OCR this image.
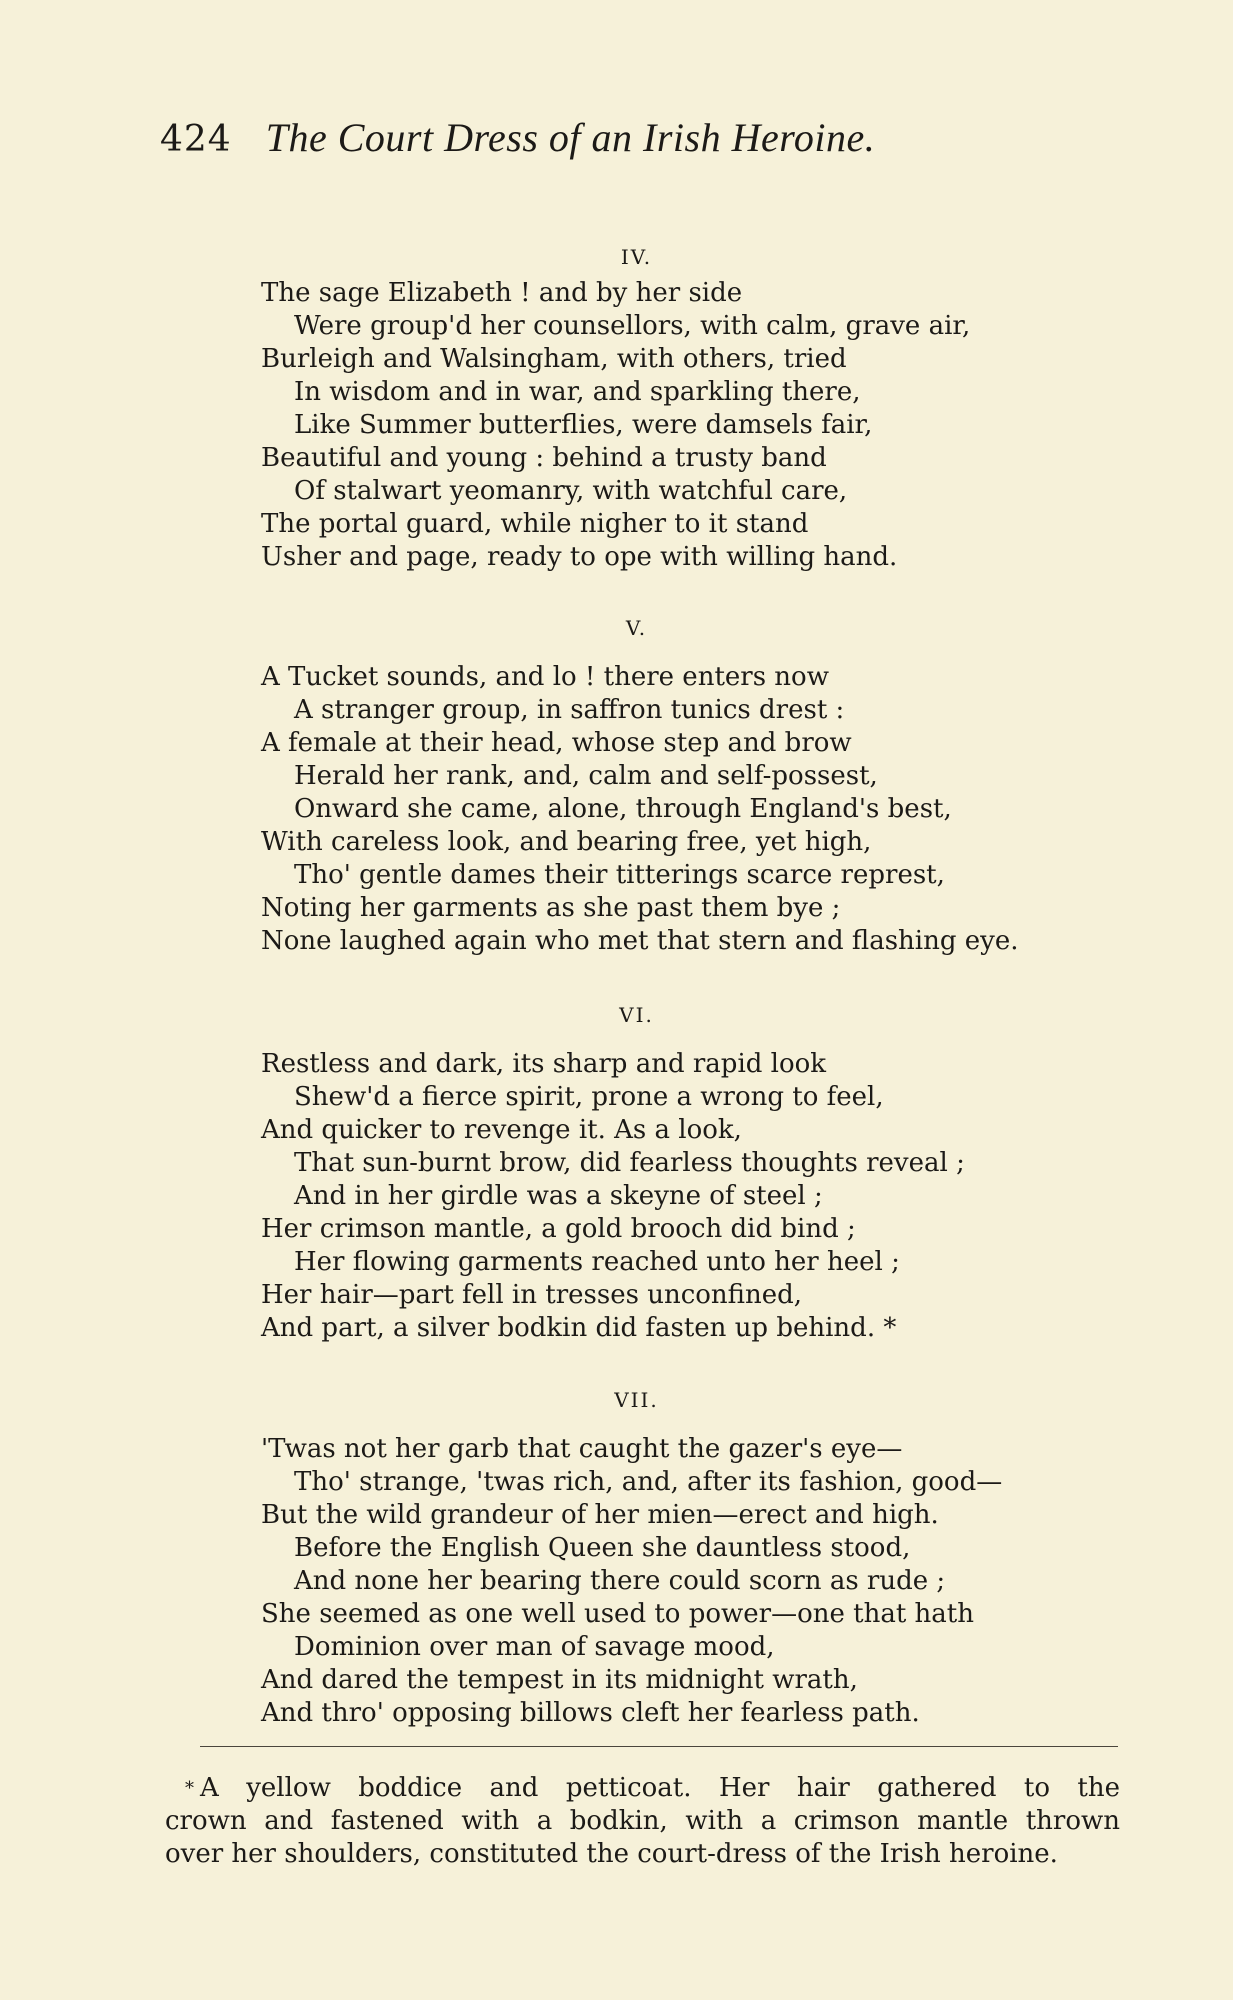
424 The Court Dress of an Irish Heroine.
IV.
The sage Elizabeth ! and by her side
Were group'd her counsellors, with calm, grave air,
Burleigh and Walsingham, with others, tried
In wisdom and in war, and sparkling there,
Like Summer butterflies, were damsels fair,
Beautiful and young : behind a trusty band
Of stalwart yeomanry, with watchful care,
The portal guard, while nigher to it stand
Usher and page, ready to ope with willing hand.
V.
A Tucket sounds, and lo ! there enters now
A stranger group, in saffron tunics drest :
A female at their head, whose step and brow
Herald her rank, and, calm and self-possest,
Onward she came, alone, through England's best,
With careless look, and bearing free, yet high,
Tho' gentle dames their titterings scarce represt,
Noting her garments as she past them bye ;
None laughed again who met that stern and flashing eye.
VI.
Restless and dark, its sharp and rapid look
Shew'd a fierce spirit, prone a wrong to feel,
And quicker to revenge it. As a look,
That sun-burnt brow, did fearless thoughts reveal ;
And in her girdle was a skeyne of steel ;
Her crimson mantle, a gold brooch did bind ;
Her flowing garments reached unto her heel ;
Her hair—part fell in tresses unconfined,
And part, a silver bodkin did fasten up behind. *
VII.
'Twas not her garb that caught the gazer's eye—
Tho' strange, 'twas rich, and, after its fashion, good—
But the wild grandeur of her mien—erect and high.
Before the English Queen she dauntless stood,
And none her bearing there could scorn as rude ;
She seemed as one well used to power—one that hath
Dominion over man of savage mood,
And dared the tempest in its midnight wrath,
And thro' opposing billows cleft her fearless path.
* A yellow boddice and petticoat. Her hair gathered to the
crown and fastened with a bodkin, with a crimson mantle thrown
over her shoulders, constituted the court-dress of the Irish heroine.
